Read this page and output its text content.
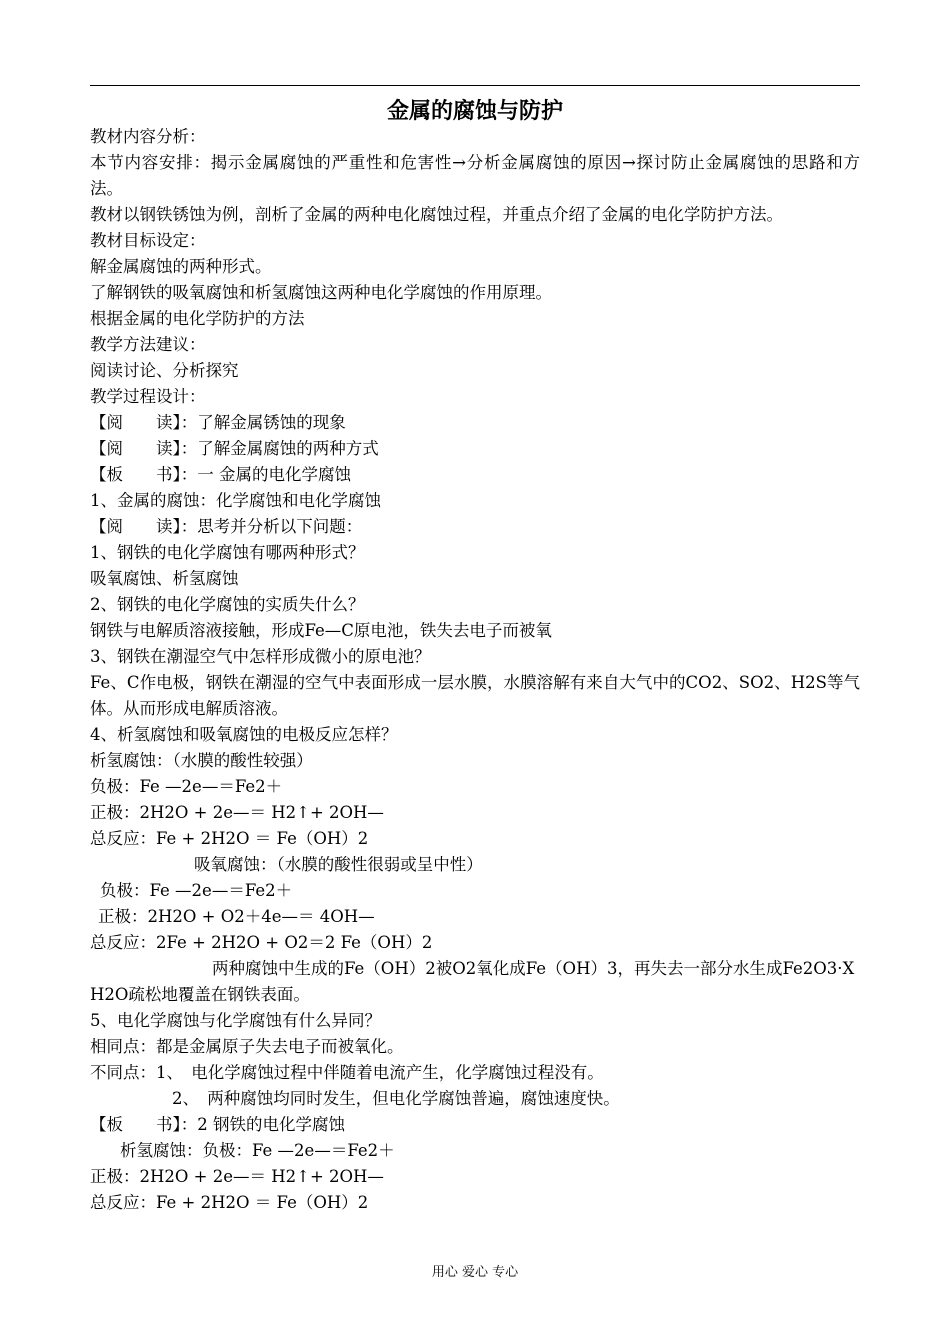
金属的腐蚀与防护
教材内容分析：
本节内容安排：揭示金属腐蚀的严重性和危害性→分析金属腐蚀的原因→探讨防止金属腐蚀的思路和方法。
教材以钢铁锈蚀为例，剖析了金属的两种电化腐蚀过程，并重点介绍了金属的电化学防护方法。
教材目标设定：
解金属腐蚀的两种形式。
了解钢铁的吸氧腐蚀和析氢腐蚀这两种电化学腐蚀的作用原理。
根据金属的电化学防护的方法
教学方法建议：
阅读讨论、分析探究
教学过程设计：
【阅　　读】：了解金属锈蚀的现象
【阅　　读】：了解金属腐蚀的两种方式
【板　　书】：一 金属的电化学腐蚀
1、金属的腐蚀：化学腐蚀和电化学腐蚀
【阅　　读】：思考并分析以下问题：
1、钢铁的电化学腐蚀有哪两种形式？
吸氧腐蚀、析氢腐蚀
2、钢铁的电化学腐蚀的实质失什么？
钢铁与电解质溶液接触，形成Fe—C原电池，铁失去电子而被氧
3、钢铁在潮湿空气中怎样形成微小的原电池？
Fe、C作电极，钢铁在潮湿的空气中表面形成一层水膜，水膜溶解有来自大气中的CO2、SO2、H2S等气体。从而形成电解质溶液。
4、析氢腐蚀和吸氧腐蚀的电极反应怎样？
析氢腐蚀：（水膜的酸性较强）
负极：Fe —2e—＝Fe2＋
正极：2H2O + 2e—＝ H2↑+ 2OH—
总反应：Fe + 2H2O ＝ Fe（OH）2
吸氧腐蚀：（水膜的酸性很弱或呈中性）
负极：Fe —2e—＝Fe2＋
正极：2H2O + O2＋4e—＝ 4OH—
总反应：2Fe + 2H2O + O2＝2 Fe（OH）2
两种腐蚀中生成的Fe（OH）2被O2氧化成Fe（OH）3，再失去一部分水生成Fe2O3·X H2O疏松地覆盖在钢铁表面。
5、电化学腐蚀与化学腐蚀有什么异同？
相同点：都是金属原子失去电子而被氧化。
不同点：1、　电化学腐蚀过程中伴随着电流产生，化学腐蚀过程没有。
2、　两种腐蚀均同时发生，但电化学腐蚀普遍，腐蚀速度快。
【板　　书】：2 钢铁的电化学腐蚀
析氢腐蚀：负极：Fe —2e—＝Fe2＋
正极：2H2O + 2e—＝ H2↑+ 2OH—
总反应：Fe + 2H2O ＝ Fe（OH）2
用心 爱心 专心
